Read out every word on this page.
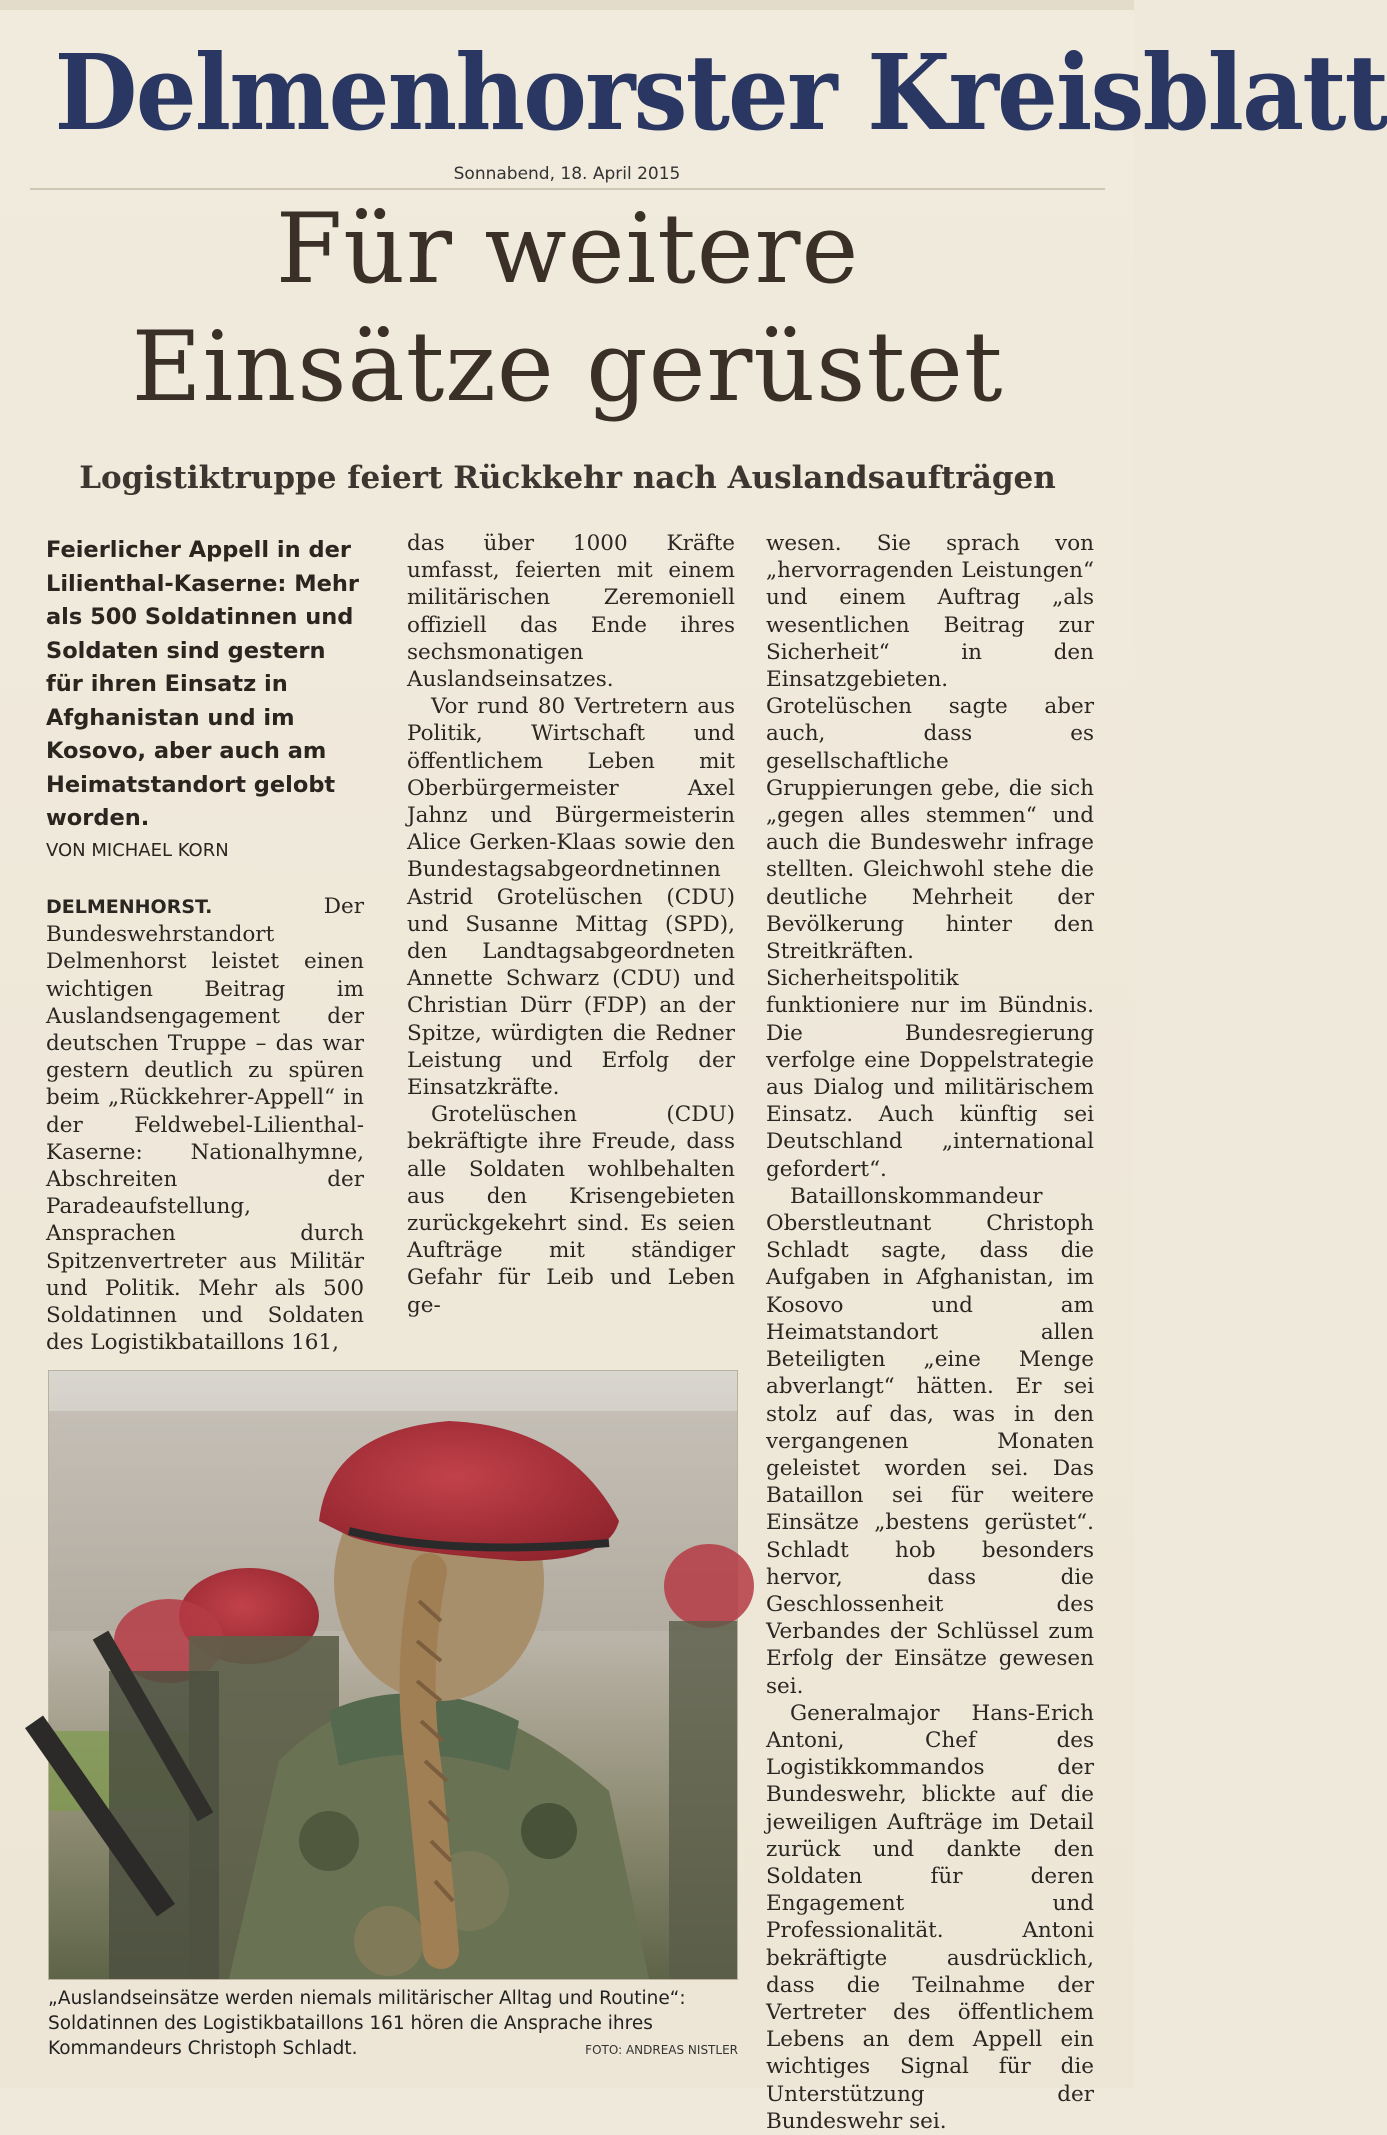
Delmenhorster Kreisblatt
Sonnabend, 18. April 2015
Für weitere
Einsätze gerüstet
Logistiktruppe feiert Rückkehr nach Auslandsaufträgen
Feierlicher Appell in der Lilienthal-Kaserne: Mehr als 500 Soldatinnen und Soldaten sind gestern für ihren Einsatz in Afghanistan und im Kosovo, aber auch am Heimatstandort gelobt worden.
VON MICHAEL KORN

DELMENHORST. Der Bundeswehrstandort Delmenhorst leistet einen wichtigen Beitrag im Auslandsengagement der deutschen Truppe – das war gestern deutlich zu spüren beim „Rückkehrer-Appell“ in der Feldwebel-Lilienthal-Kaserne: Nationalhymne, Abschreiten der Paradeaufstellung, Ansprachen durch Spitzenvertreter aus Militär und Politik. Mehr als 500 Soldatinnen und Soldaten des Logistikbataillons 161,

das über 1000 Kräfte umfasst, feierten mit einem militärischen Zeremoniell offiziell das Ende ihres sechsmonatigen Auslandseinsatzes.

Vor rund 80 Vertretern aus Politik, Wirtschaft und öffentlichem Leben mit Oberbürgermeister Axel Jahnz und Bürgermeisterin Alice Gerken-Klaas sowie den Bundestagsabgeordnetinnen Astrid Grotelüschen (CDU) und Susanne Mittag (SPD), den Landtagsabgeordneten Annette Schwarz (CDU) und Christian Dürr (FDP) an der Spitze, würdigten die Redner Leistung und Erfolg der Einsatzkräfte.

Grotelüschen (CDU) bekräftigte ihre Freude, dass alle Soldaten wohlbehalten aus den Krisengebieten zurückgekehrt sind. Es seien Aufträge mit ständiger Gefahr für Leib und Leben ge-

wesen. Sie sprach von „hervorragenden Leistungen“ und einem Auftrag „als wesentlichen Beitrag zur Sicherheit“ in den Einsatzgebieten. Grotelüschen sagte aber auch, dass es gesellschaftliche Gruppierungen gebe, die sich „gegen alles stemmen“ und auch die Bundeswehr infrage stellten. Gleichwohl stehe die deutliche Mehrheit der Bevölkerung hinter den Streitkräften. Sicherheitspolitik funktioniere nur im Bündnis. Die Bundesregierung verfolge eine Doppelstrategie aus Dialog und militärischem Einsatz. Auch künftig sei Deutschland „international gefordert“.

Bataillonskommandeur Oberstleutnant Christoph Schladt sagte, dass die Aufgaben in Afghanistan, im Kosovo und am Heimatstandort allen Beteiligten „eine Menge abverlangt“ hätten. Er sei stolz auf das, was in den vergangenen Monaten geleistet worden sei. Das Bataillon sei für weitere Einsätze „bestens gerüstet“. Schladt hob besonders hervor, dass die Geschlossenheit des Verbandes der Schlüssel zum Erfolg der Einsätze gewesen sei.

Generalmajor Hans-Erich Antoni, Chef des Logistikkommandos der Bundeswehr, blickte auf die jeweiligen Aufträge im Detail zurück und dankte den Soldaten für deren Engagement und Professionalität. Antoni bekräftigte ausdrücklich, dass die Teilnahme der Vertreter des öffentlichem Lebens an dem Appell ein wichtiges Signal für die Unterstützung der Bundeswehr sei.

„Auslandseinsätze werden niemals militärischer Alltag und Routine“: Soldatinnen des Logistikbataillons 161 hören die Ansprache ihres Kommandeurs Christoph Schladt.	FOTO: ANDREAS NISTLER
